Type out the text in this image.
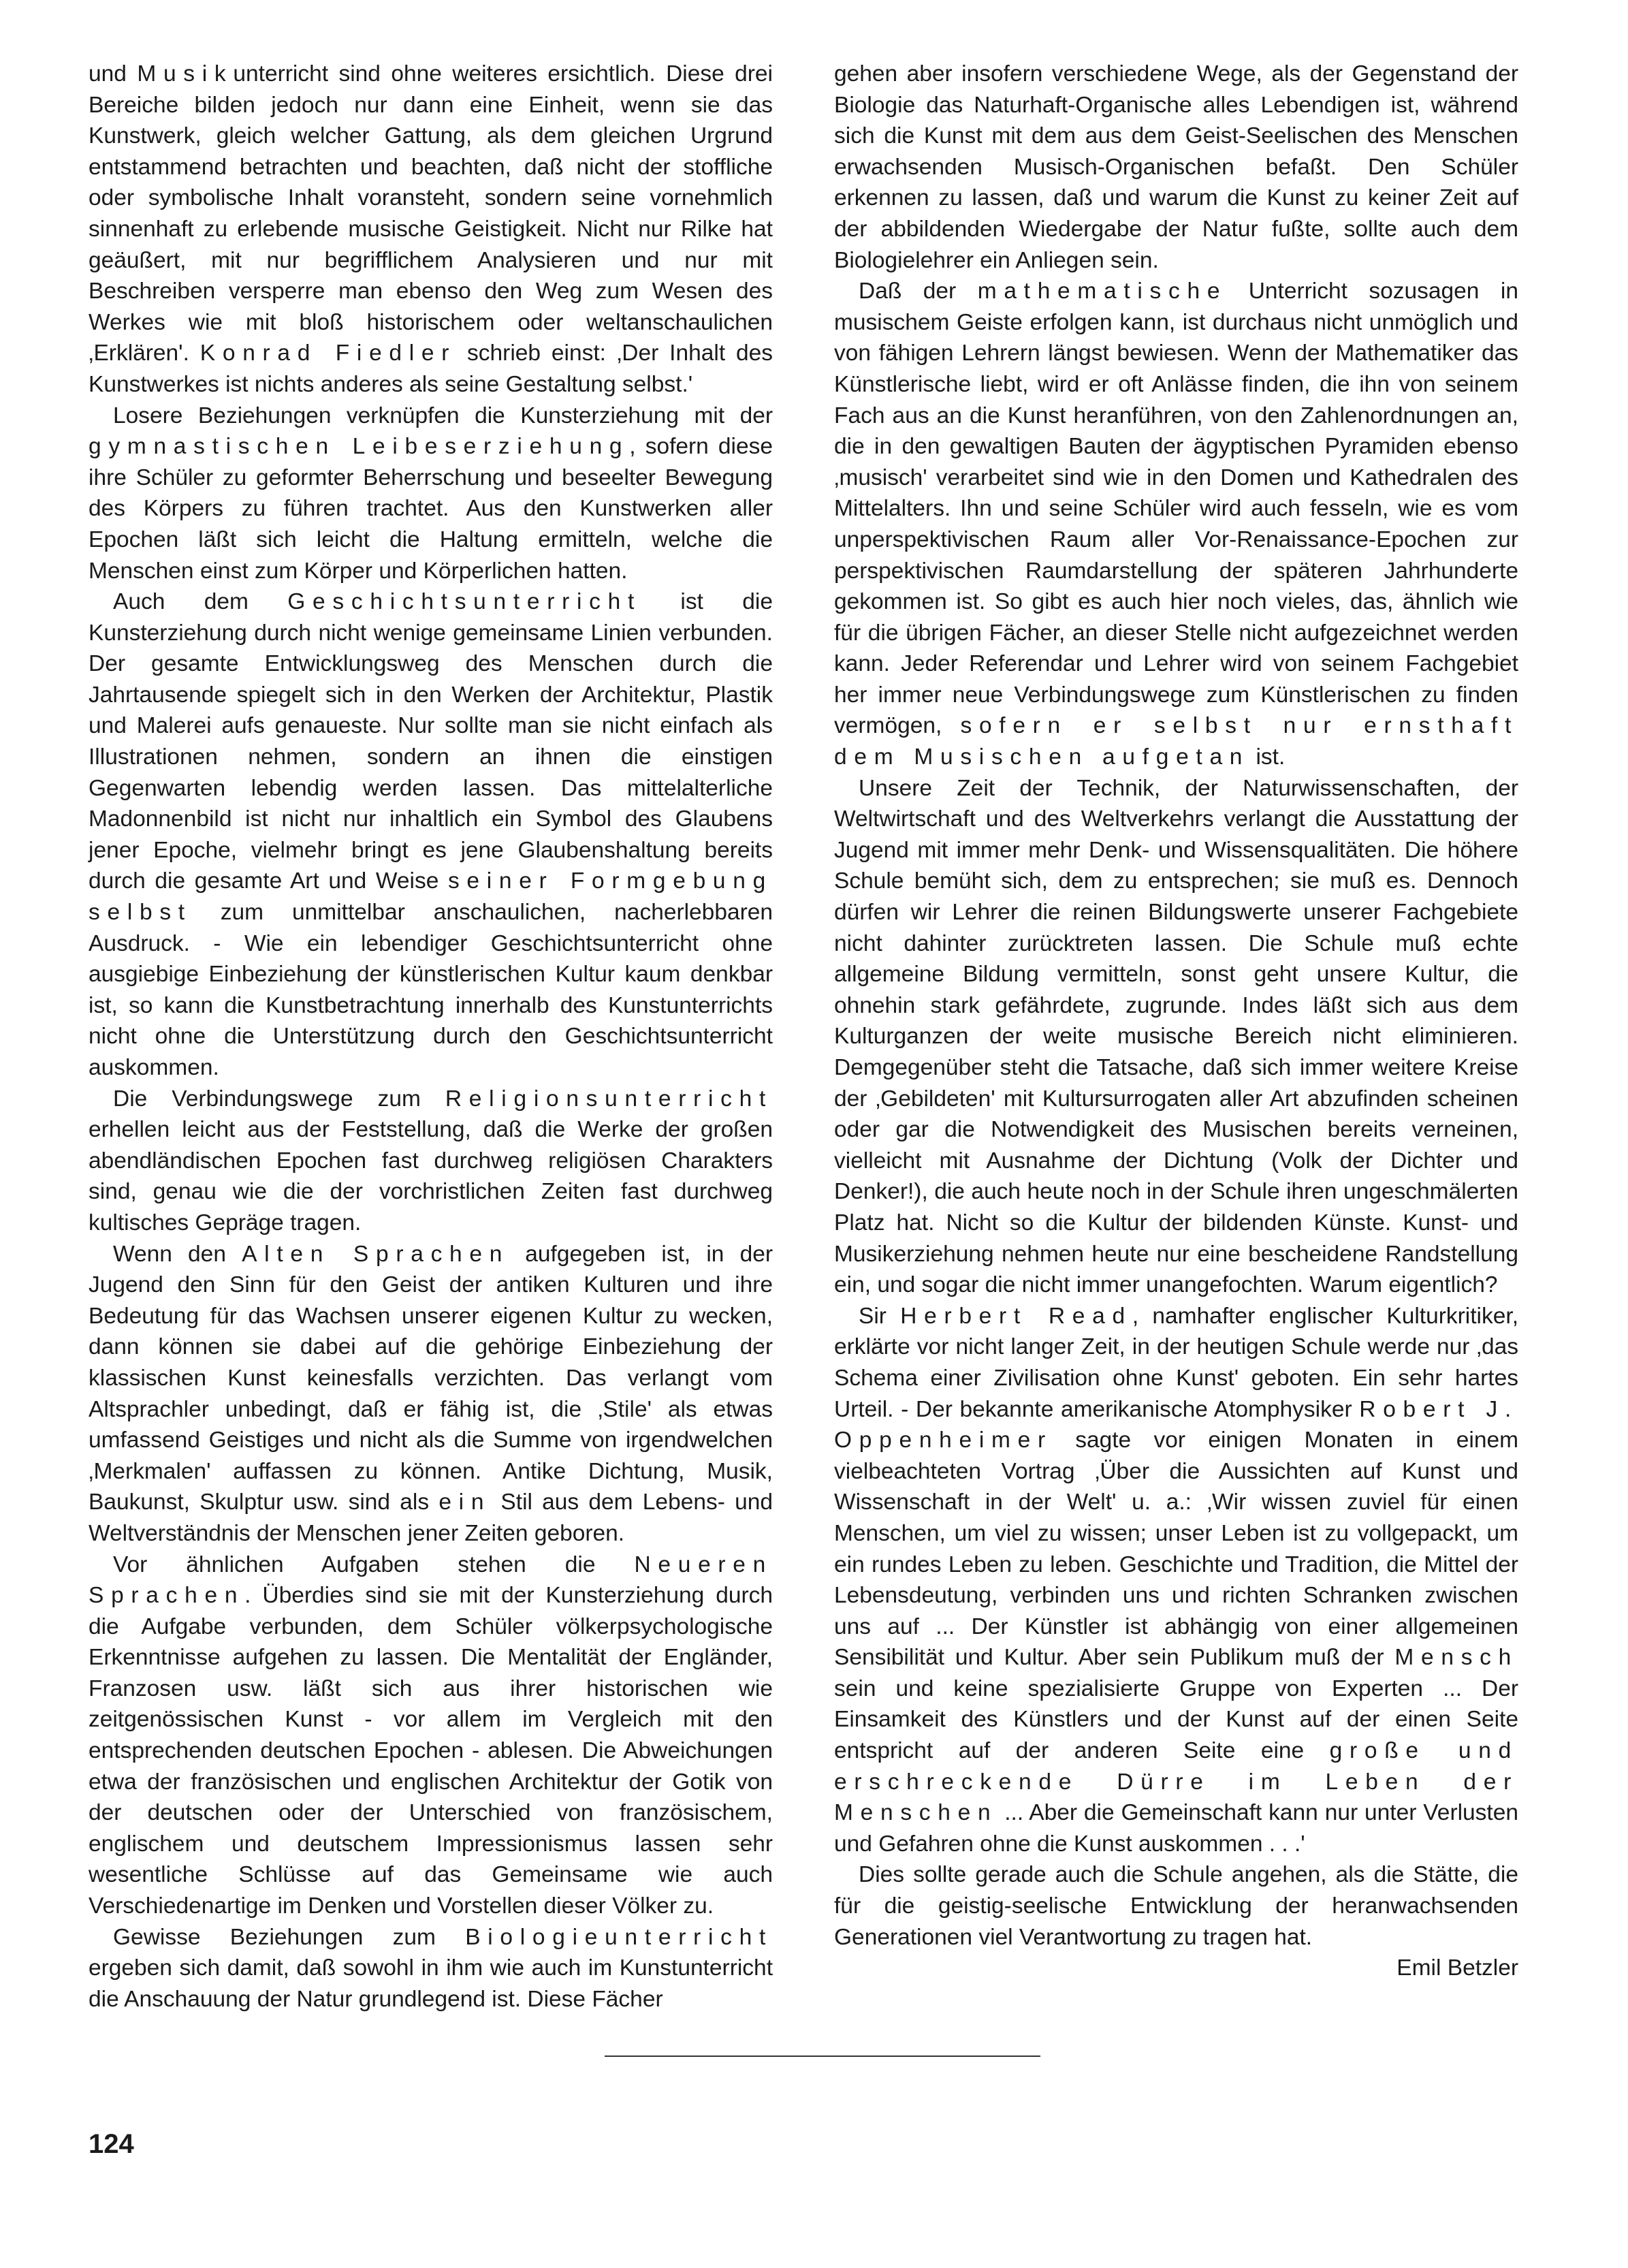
und Musikunterricht sind ohne weiteres ersichtlich. Diese drei Bereiche bilden jedoch nur dann eine Einheit, wenn sie das Kunstwerk, gleich welcher Gattung, als dem gleichen Urgrund entstammend betrachten und beachten, daß nicht der stoffliche oder symbolische Inhalt voransteht, sondern seine vornehmlich sinnenhaft zu erlebende musische Geistigkeit. Nicht nur Rilke hat geäußert, mit nur begrifflichem Analysieren und nur mit Beschreiben versperre man ebenso den Weg zum Wesen des Werkes wie mit bloß historischem oder weltanschaulichen ‚Erklären'. Konrad Fiedler schrieb einst: ‚Der Inhalt des Kunstwerkes ist nichts anderes als seine Gestaltung selbst.'

Losere Beziehungen verknüpfen die Kunsterziehung mit der gymnastischen Leibeserziehung, sofern diese ihre Schüler zu geformter Beherrschung und beseelter Bewegung des Körpers zu führen trachtet. Aus den Kunstwerken aller Epochen läßt sich leicht die Haltung ermitteln, welche die Menschen einst zum Körper und Körperlichen hatten.

Auch dem Geschichtsunterricht ist die Kunsterziehung durch nicht wenige gemeinsame Linien verbunden. Der gesamte Entwicklungsweg des Menschen durch die Jahrtausende spiegelt sich in den Werken der Architektur, Plastik und Malerei aufs genaueste. Nur sollte man sie nicht einfach als Illustrationen nehmen, sondern an ihnen die einstigen Gegenwarten lebendig werden lassen. Das mittelalterliche Madonnenbild ist nicht nur inhaltlich ein Symbol des Glaubens jener Epoche, vielmehr bringt es jene Glaubenshaltung bereits durch die gesamte Art und Weise seiner Formgebung selbst zum unmittelbar anschaulichen, nacherlebbaren Ausdruck. - Wie ein lebendiger Geschichtsunterricht ohne ausgiebige Einbeziehung der künstlerischen Kultur kaum denkbar ist, so kann die Kunstbetrachtung innerhalb des Kunstunterrichts nicht ohne die Unterstützung durch den Geschichtsunterricht auskommen.

Die Verbindungswege zum Religionsunterricht erhellen leicht aus der Feststellung, daß die Werke der großen abendländischen Epochen fast durchweg religiösen Charakters sind, genau wie die der vorchristlichen Zeiten fast durchweg kultisches Gepräge tragen.

Wenn den Alten Sprachen aufgegeben ist, in der Jugend den Sinn für den Geist der antiken Kulturen und ihre Bedeutung für das Wachsen unserer eigenen Kultur zu wecken, dann können sie dabei auf die gehörige Einbeziehung der klassischen Kunst keinesfalls verzichten. Das verlangt vom Altsprachler unbedingt, daß er fähig ist, die ‚Stile' als etwas umfassend Geistiges und nicht als die Summe von irgendwelchen ‚Merkmalen' auffassen zu können. Antike Dichtung, Musik, Baukunst, Skulptur usw. sind als ein Stil aus dem Lebens- und Weltverständnis der Menschen jener Zeiten geboren.

Vor ähnlichen Aufgaben stehen die Neueren Sprachen. Überdies sind sie mit der Kunsterziehung durch die Aufgabe verbunden, dem Schüler völkerpsychologische Erkenntnisse aufgehen zu lassen. Die Mentalität der Engländer, Franzosen usw. läßt sich aus ihrer historischen wie zeitgenössischen Kunst - vor allem im Vergleich mit den entsprechenden deutschen Epochen - ablesen. Die Abweichungen etwa der französischen und englischen Architektur der Gotik von der deutschen oder der Unterschied von französischem, englischem und deutschem Impressionismus lassen sehr wesentliche Schlüsse auf das Gemeinsame wie auch Verschiedenartige im Denken und Vorstellen dieser Völker zu.

Gewisse Beziehungen zum Biologieunterricht ergeben sich damit, daß sowohl in ihm wie auch im Kunstunterricht die Anschauung der Natur grundlegend ist. Diese Fächer

gehen aber insofern verschiedene Wege, als der Gegenstand der Biologie das Naturhaft-Organische alles Lebendigen ist, während sich die Kunst mit dem aus dem Geist-Seelischen des Menschen erwachsenden Musisch-Organischen befaßt. Den Schüler erkennen zu lassen, daß und warum die Kunst zu keiner Zeit auf der abbildenden Wiedergabe der Natur fußte, sollte auch dem Biologielehrer ein Anliegen sein.

Daß der mathematische Unterricht sozusagen in musischem Geiste erfolgen kann, ist durchaus nicht unmöglich und von fähigen Lehrern längst bewiesen. Wenn der Mathematiker das Künstlerische liebt, wird er oft Anlässe finden, die ihn von seinem Fach aus an die Kunst heranführen, von den Zahlenordnungen an, die in den gewaltigen Bauten der ägyptischen Pyramiden ebenso ‚musisch' verarbeitet sind wie in den Domen und Kathedralen des Mittelalters. Ihn und seine Schüler wird auch fesseln, wie es vom unperspektivischen Raum aller Vor-Renaissance-Epochen zur perspektivischen Raumdarstellung der späteren Jahrhunderte gekommen ist. So gibt es auch hier noch vieles, das, ähnlich wie für die übrigen Fächer, an dieser Stelle nicht aufgezeichnet werden kann. Jeder Referendar und Lehrer wird von seinem Fachgebiet her immer neue Verbindungswege zum Künstlerischen zu finden vermögen, sofern er selbst nur ernsthaft dem Musischen aufgetan ist.

Unsere Zeit der Technik, der Naturwissenschaften, der Weltwirtschaft und des Weltverkehrs verlangt die Ausstattung der Jugend mit immer mehr Denk- und Wissensqualitäten. Die höhere Schule bemüht sich, dem zu entsprechen; sie muß es. Dennoch dürfen wir Lehrer die reinen Bildungswerte unserer Fachgebiete nicht dahinter zurücktreten lassen. Die Schule muß echte allgemeine Bildung vermitteln, sonst geht unsere Kultur, die ohnehin stark gefährdete, zugrunde. Indes läßt sich aus dem Kulturganzen der weite musische Bereich nicht eliminieren. Demgegenüber steht die Tatsache, daß sich immer weitere Kreise der ‚Gebildeten' mit Kultursurrogaten aller Art abzufinden scheinen oder gar die Notwendigkeit des Musischen bereits verneinen, vielleicht mit Ausnahme der Dichtung (Volk der Dichter und Denker!), die auch heute noch in der Schule ihren ungeschmälerten Platz hat. Nicht so die Kultur der bildenden Künste. Kunst- und Musikerziehung nehmen heute nur eine bescheidene Randstellung ein, und sogar die nicht immer unangefochten. Warum eigentlich?

Sir Herbert Read, namhafter englischer Kulturkritiker, erklärte vor nicht langer Zeit, in der heutigen Schule werde nur ‚das Schema einer Zivilisation ohne Kunst' geboten. Ein sehr hartes Urteil. - Der bekannte amerikanische Atomphysiker Robert J. Oppenheimer sagte vor einigen Monaten in einem vielbeachteten Vortrag ‚Über die Aussichten auf Kunst und Wissenschaft in der Welt' u. a.: ‚Wir wissen zuviel für einen Menschen, um viel zu wissen; unser Leben ist zu vollgepackt, um ein rundes Leben zu leben. Geschichte und Tradition, die Mittel der Lebensdeutung, verbinden uns und richten Schranken zwischen uns auf ... Der Künstler ist abhängig von einer allgemeinen Sensibilität und Kultur. Aber sein Publikum muß der Mensch sein und keine spezialisierte Gruppe von Experten ... Der Einsamkeit des Künstlers und der Kunst auf der einen Seite entspricht auf der anderen Seite eine große und erschreckende Dürre im Leben der Menschen ... Aber die Gemeinschaft kann nur unter Verlusten und Gefahren ohne die Kunst auskommen . . .'

Dies sollte gerade auch die Schule angehen, als die Stätte, die für die geistig-seelische Entwicklung der heranwachsenden Generationen viel Verantwortung zu tragen hat.

Emil Betzler

124
